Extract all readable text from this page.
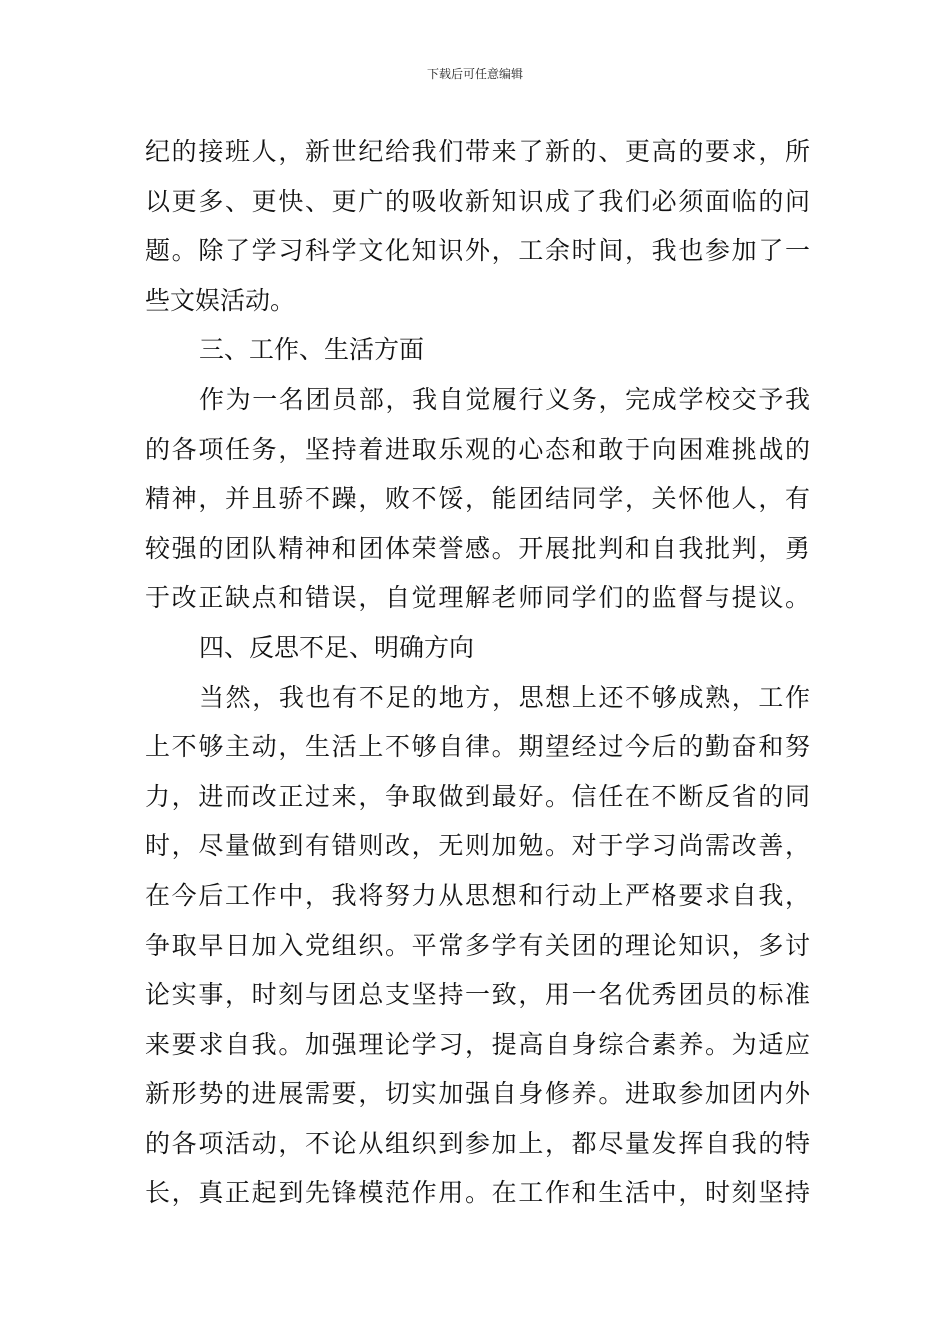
下载后可任意编辑
纪的接班人，新世纪给我们带来了新的、更高的要求，所
以更多、更快、更广的吸收新知识成了我们必须面临的问
题。除了学习科学文化知识外，工余时间，我也参加了一
些文娱活动。
三、工作、生活方面
作为一名团员部，我自觉履行义务，完成学校交予我
的各项任务，坚持着进取乐观的心态和敢于向困难挑战的
精神，并且骄不躁，败不馁，能团结同学，关怀他人，有
较强的团队精神和团体荣誉感。开展批判和自我批判，勇
于改正缺点和错误，自觉理解老师同学们的监督与提议。
四、反思不足、明确方向
当然，我也有不足的地方，思想上还不够成熟，工作
上不够主动，生活上不够自律。期望经过今后的勤奋和努
力，进而改正过来，争取做到最好。信任在不断反省的同
时，尽量做到有错则改，无则加勉。对于学习尚需改善，
在今后工作中，我将努力从思想和行动上严格要求自我，
争取早日加入党组织。平常多学有关团的理论知识，多讨
论实事，时刻与团总支坚持一致，用一名优秀团员的标准
来要求自我。加强理论学习，提高自身综合素养。为适应
新形势的进展需要，切实加强自身修养。进取参加团内外
的各项活动，不论从组织到参加上，都尽量发挥自我的特
长，真正起到先锋模范作用。在工作和生活中，时刻坚持
